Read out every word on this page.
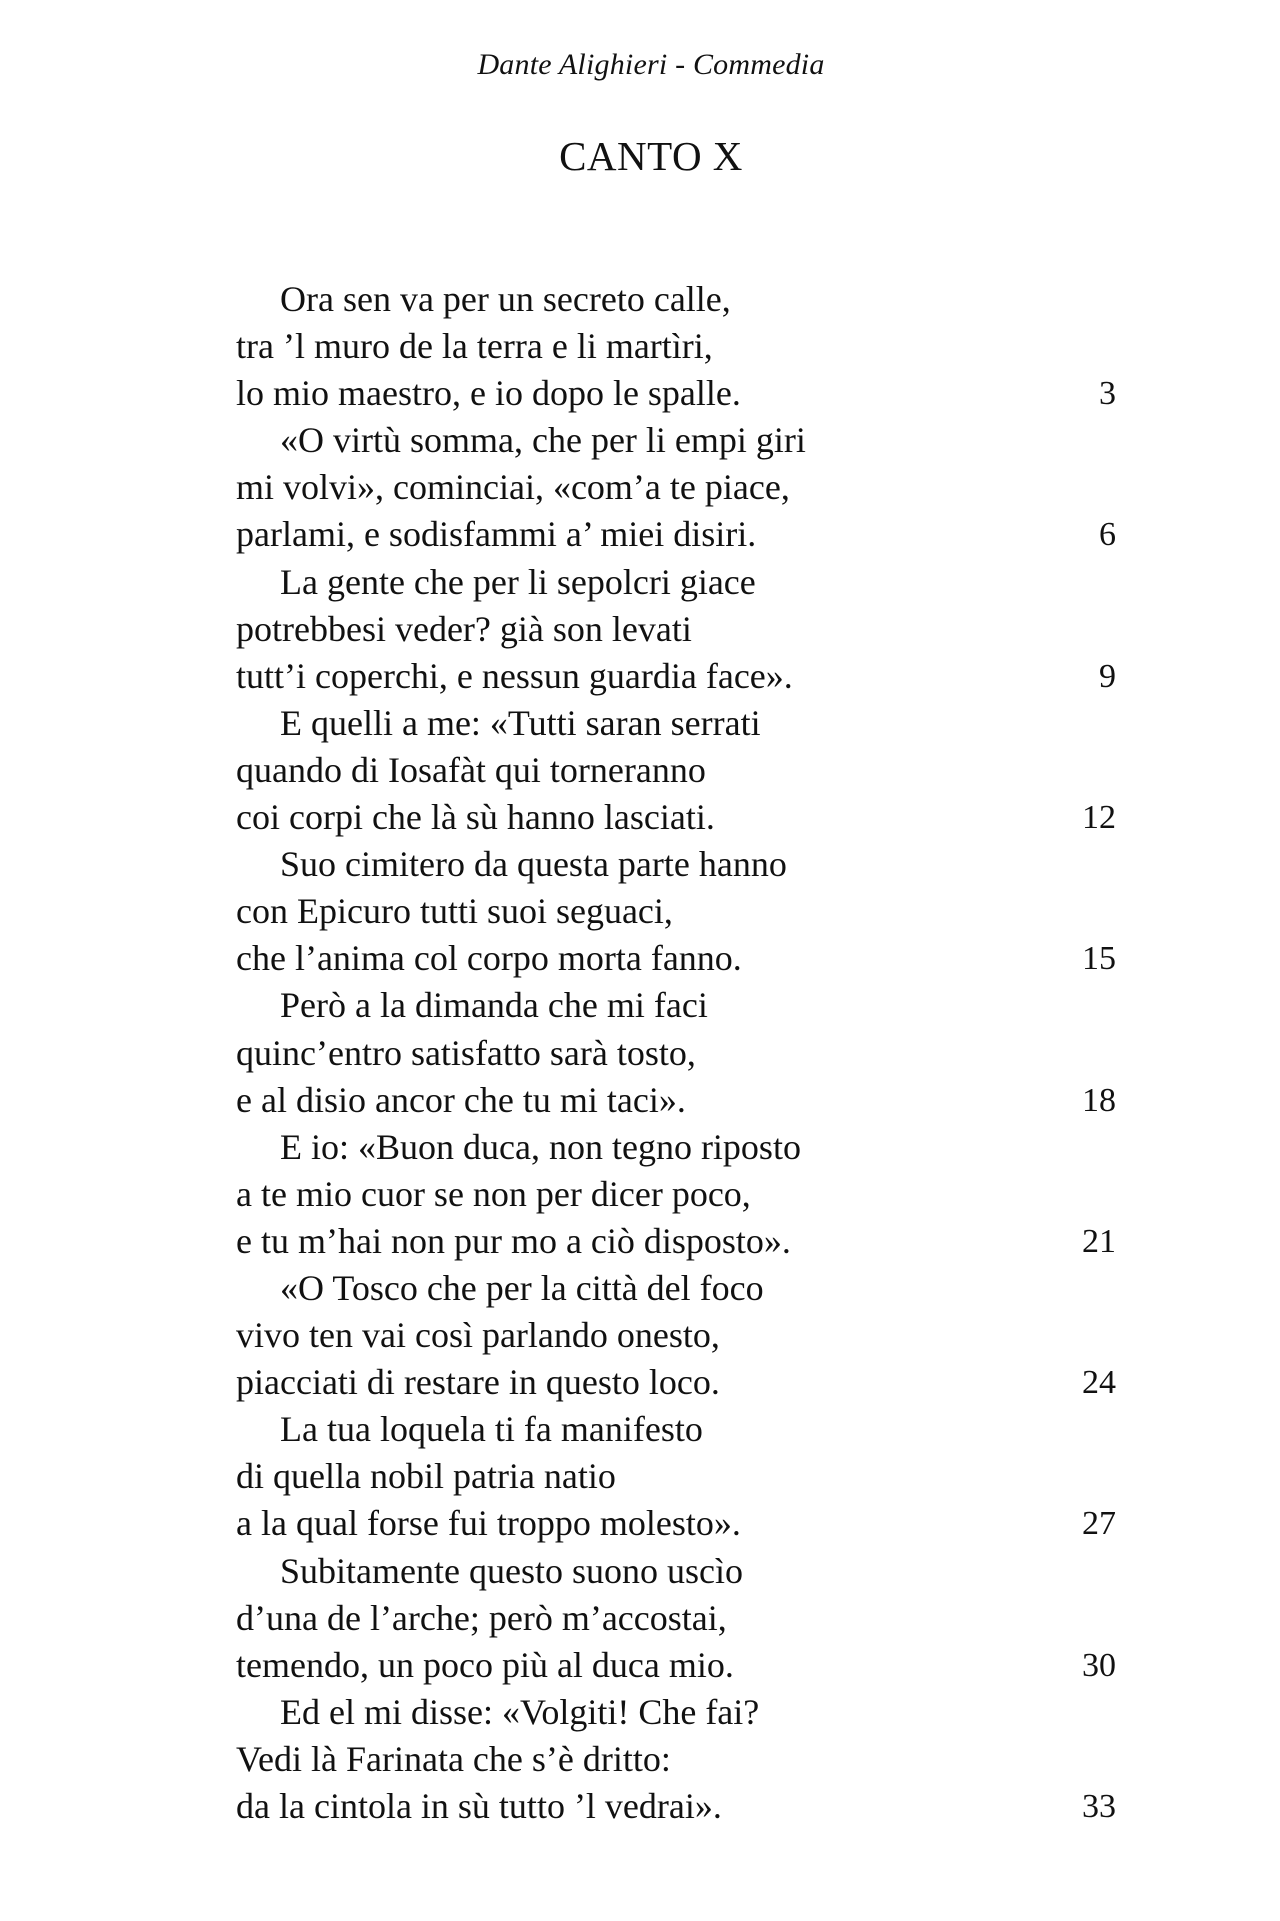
Dante Alighieri - Commedia
CANTO X
Ora sen va per un secreto calle,
tra ’l muro de la terra e li martìri,
lo mio maestro, e io dopo le spalle.	3
«O virtù somma, che per li empi giri
mi volvi», cominciai, «com’a te piace,
parlami, e sodisfammi a’ miei disiri.	6
La gente che per li sepolcri giace
potrebbesi veder? già son levati
tutt’i coperchi, e nessun guardia face».	9
E quelli a me: «Tutti saran serrati
quando di Iosafàt qui torneranno
coi corpi che là sù hanno lasciati.	12
Suo cimitero da questa parte hanno
con Epicuro tutti suoi seguaci,
che l’anima col corpo morta fanno.	15
Però a la dimanda che mi faci
quinc’entro satisfatto sarà tosto,
e al disio ancor che tu mi taci».	18
E io: «Buon duca, non tegno riposto
a te mio cuor se non per dicer poco,
e tu m’hai non pur mo a ciò disposto».	21
«O Tosco che per la città del foco
vivo ten vai così parlando onesto,
piacciati di restare in questo loco.	24
La tua loquela ti fa manifesto
di quella nobil patria natio
a la qual forse fui troppo molesto».	27
Subitamente questo suono uscìo
d’una de l’arche; però m’accostai,
temendo, un poco più al duca mio.	30
Ed el mi disse: «Volgiti! Che fai?
Vedi là Farinata che s’è dritto:
da la cintola in sù tutto ’l vedrai».	33
